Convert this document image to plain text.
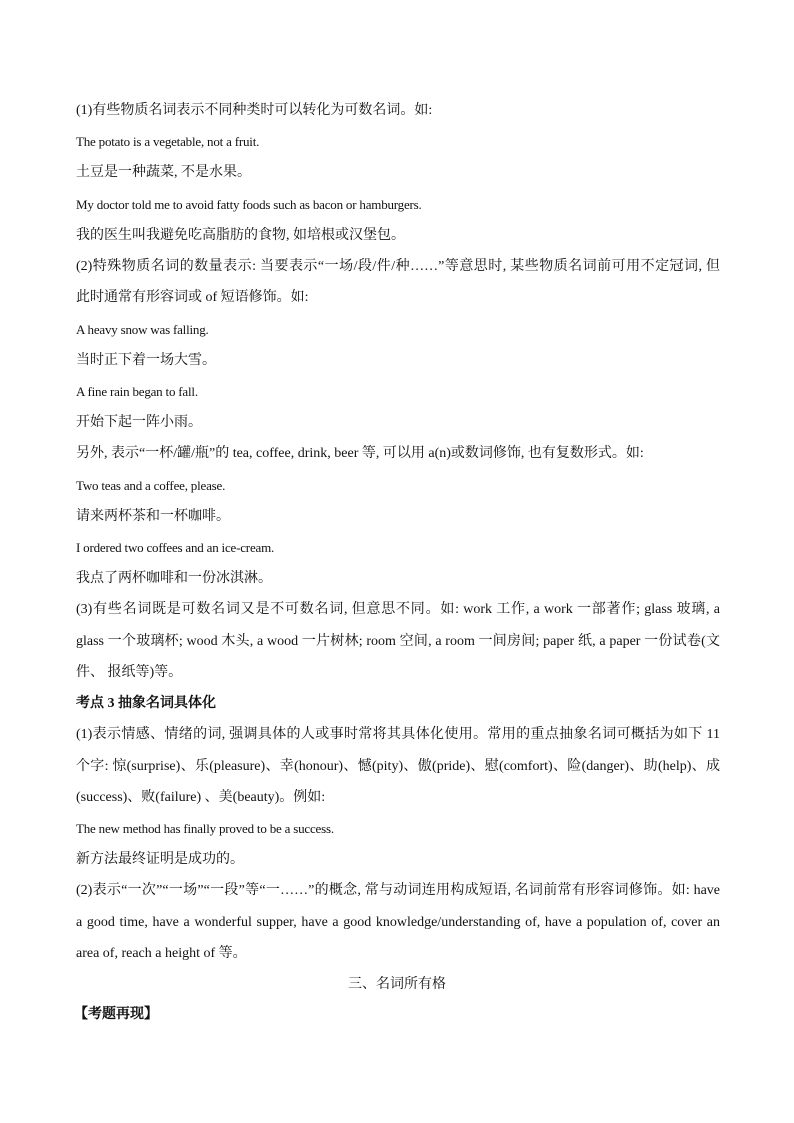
(1)有些物质名词表示不同种类时可以转化为可数名词。如:
The potato is a vegetable, not a fruit.
土豆是一种蔬菜, 不是水果。
My doctor told me to avoid fatty foods such as bacon or hamburgers.
我的医生叫我避免吃高脂肪的食物, 如培根或汉堡包。
(2)特殊物质名词的数量表示: 当要表示“一场/段/件/种……”等意思时, 某些物质名词前可用不定冠词, 但
此时通常有形容词或 of 短语修饰。如:
A heavy snow was falling.
当时正下着一场大雪。
A fine rain began to fall.
开始下起一阵小雨。
另外, 表示“一杯/罐/瓶”的 tea, coffee, drink, beer 等, 可以用 a(n)或数词修饰, 也有复数形式。如:
Two teas and a coffee, please.
请来两杯茶和一杯咖啡。
I ordered two coffees and an ice-cream.
我点了两杯咖啡和一份冰淇淋。
(3)有些名词既是可数名词又是不可数名词, 但意思不同。如: work 工作, a work 一部著作; glass 玻璃, a
glass 一个玻璃杯; wood 木头, a wood 一片树林; room 空间, a room 一间房间; paper 纸, a paper 一份试卷(文
件、 报纸等)等。
考点 3 抽象名词具体化
(1)表示情感、情绪的词, 强调具体的人或事时常将其具体化使用。常用的重点抽象名词可概括为如下 11
个字: 惊(surprise)、乐(pleasure)、幸(honour)、憾(pity)、傲(pride)、慰(comfort)、险(danger)、助(help)、成
(success)、败(failure) 、美(beauty)。例如:
The new method has finally proved to be a success.
新方法最终证明是成功的。
(2)表示“一次”“一场”“一段”等“一……”的概念, 常与动词连用构成短语, 名词前常有形容词修饰。如: have
a good time, have a wonderful supper, have a good knowledge/understanding of, have a population of, cover an
area of, reach a height of 等。
三、名词所有格
【考题再现】
